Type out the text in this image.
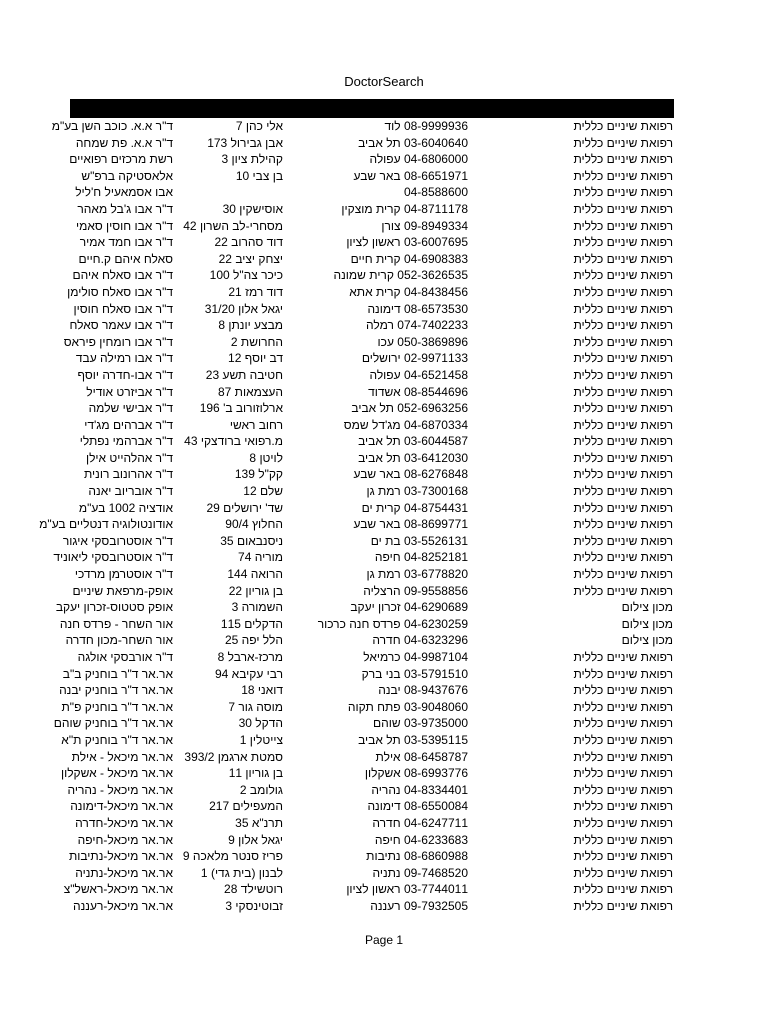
DoctorSearch
רפואת שיניים כללית
08-9999936 לוד
אלי כהן 7
ד"ר א.א. כוכב השן בע"מ
רפואת שיניים כללית
03-6040640 תל אביב
אבן גבירול 173
ד"ר א.א. פת שמחה
רפואת שיניים כללית
04-6806000 עפולה
קהילת ציון 3
רשת מרכזים רפואיים
רפואת שיניים כללית
08-6651971 באר שבע
בן צבי 10
אלאסטיקה ברפ"ש
רפואת שיניים כללית
04-8588600
אבו אסמאעיל ח'ליל
רפואת שיניים כללית
04-8711178 קרית מוצקין
אוסישקין 30
ד"ר אבו ג'בל מאהר
רפואת שיניים כללית
09-8949334 צורן
מסחרי-לב השרון 42
ד"ר אבו חוסין סאמי
רפואת שיניים כללית
03-6007695 ראשון לציון
דוד סהרוב 22
ד"ר אבו חמד אמיר
רפואת שיניים כללית
04-6908383 קרית חיים
יצחק יציב 22
סאלח איהם ק.חיים
רפואת שיניים כללית
052-3626535 קרית שמונה
כיכר צה"ל 100
ד"ר אבו סאלח איהם
רפואת שיניים כללית
04-8438456 קרית אתא
דוד רמז 21
ד"ר אבו סאלח סולימן
רפואת שיניים כללית
08-6573530 דימונה
יגאל אלון 31/20
ד"ר אבו סאלח חוסין
רפואת שיניים כללית
074-7402233 רמלה
מבצע יונתן 8
ד"ר אבו עאמר סאלח
רפואת שיניים כללית
050-3869896 עכו
החרושת 2
ד"ר אבו רומחין פיראס
רפואת שיניים כללית
02-9971133 ירושלים
דב יוסף 12
ד"ר אבו רמילה עבד
רפואת שיניים כללית
04-6521458 עפולה
חטיבה תשע 23
ד"ר אבו-חדרה יוסף
רפואת שיניים כללית
08-8544696 אשדוד
העצמאות 87
ד"ר אביזרט אודיל
רפואת שיניים כללית
052-6963256 תל אביב
ארלוזורוב ב' 196
ד"ר אבישי שלמה
רפואת שיניים כללית
04-6870334 מג'דל שמס
רחוב ראשי
ד"ר אברהים מג'די
רפואת שיניים כללית
03-6044587 תל אביב
מ.רפואי ברודצקי 43
ד"ר אברהמי נפתלי
רפואת שיניים כללית
03-6412030 תל אביב
לויטן 8
ד"ר אהלהייט אילן
רפואת שיניים כללית
08-6276848 באר שבע
קק"ל 139
ד"ר אהרונוב רונית
רפואת שיניים כללית
03-7300168 רמת גן
שלם 12
ד"ר אובריוב יאנה
רפואת שיניים כללית
04-8754431 קרית ים
שד' ירושלים 29
אודציה 1002 בע"מ
רפואת שיניים כללית
08-8699771 באר שבע
החלוץ 90/4
אודונטולוגיה דנטליים בע"מ
רפואת שיניים כללית
03-5526131 בת ים
ניסנבאום 35
ד"ר אוסטרובסקי איגור
רפואת שיניים כללית
04-8252181 חיפה
מוריה 74
ד"ר אוסטרובסקי ליאוניד
רפואת שיניים כללית
03-6778820 רמת גן
הרואה 144
ד"ר אוסטרמן מרדכי
רפואת שיניים כללית
09-9558856 הרצליה
בן גוריון 22
אופק-מרפאת שיניים
מכון צילום
04-6290689 זכרון יעקב
השמורה 3
אופק סטטוס-זכרון יעקב
מכון צילום
04-6230259 פרדס חנה כרכור
הדקלים 115
אור השחר - פרדס חנה
מכון צילום
04-6323296 חדרה
הלל יפה 25
אור השחר-מכון חדרה
רפואת שיניים כללית
04-9987104 כרמיאל
מרכז-ארבל 8
ד"ר אורבסקי אולגה
רפואת שיניים כללית
03-5791510 בני ברק
רבי עקיבא 94
אר.אר ד"ר בוחניק ב"ב
רפואת שיניים כללית
08-9437676 יבנה
דואני 18
אר.אר ד"ר בוחניק יבנה
רפואת שיניים כללית
03-9048060 פתח תקוה
מוסה גור 7
אר.אר ד"ר בוחניק פ"ת
רפואת שיניים כללית
03-9735000 שוהם
הדקל 30
אר.אר ד"ר בוחניק שוהם
רפואת שיניים כללית
03-5395115 תל אביב
צייטלין 1
אר.אר ד"ר בוחניק ת"א
רפואת שיניים כללית
08-6458787 אילת
סמטת ארגמן 393/2
אר.אר מיכאל - אילת
רפואת שיניים כללית
08-6993776 אשקלון
בן גוריון 11
אר.אר מיכאל - אשקלון
רפואת שיניים כללית
04-8334401 נהריה
גולומב 2
אר.אר מיכאל - נהריה
רפואת שיניים כללית
08-6550084 דימונה
המעפילים 217
אר.אר מיכאל-דימונה
רפואת שיניים כללית
04-6247711 חדרה
תרנ"א 35
אר.אר מיכאל-חדרה
רפואת שיניים כללית
04-6233683 חיפה
יגאל אלון 9
אר.אר מיכאל-חיפה
רפואת שיניים כללית
08-6860988 נתיבות
פריז סנטר מלאכה 9
אר.אר מיכאל-נתיבות
רפואת שיניים כללית
09-7468520 נתניה
לבנון (בית גדי) 1
אר.אר מיכאל-נתניה
רפואת שיניים כללית
03-7744011 ראשון לציון
רוטשילד 28
אר.אר מיכאל-ראשל"צ
רפואת שיניים כללית
09-7932505 רעננה
זבוטינסקי 3
אר.אר מיכאל-רעננה
Page 1
